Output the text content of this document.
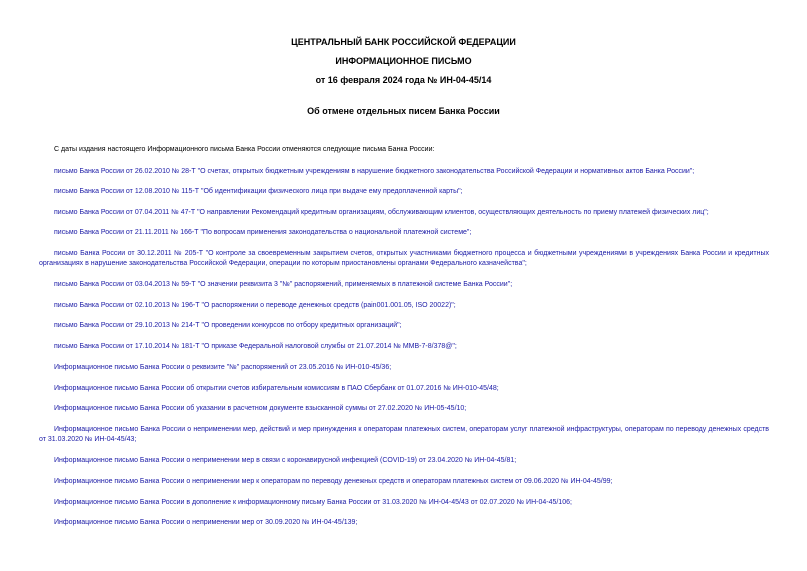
ЦЕНТРАЛЬНЫЙ БАНК РОССИЙСКОЙ ФЕДЕРАЦИИ
ИНФОРМАЦИОННОЕ ПИСЬМО
от 16 февраля 2024 года № ИН-04-45/14
Об отмене отдельных писем Банка России
С даты издания настоящего Информационного письма Банка России отменяются следующие письма Банка России:
письмо Банка России от 26.02.2010 № 28-Т "О счетах, открытых бюджетным учреждениям в нарушение бюджетного законодательства Российской Федерации и нормативных актов Банка России";
письмо Банка России от 12.08.2010 № 115-Т "Об идентификации физического лица при выдаче ему предоплаченной карты";
письмо Банка России от 07.04.2011 № 47-Т "О направлении Рекомендаций кредитным организациям, обслуживающим клиентов, осуществляющих деятельность по приему платежей физических лиц";
письмо Банка России от 21.11.2011 № 166-Т "По вопросам применения законодательства о национальной платежной системе";
письмо Банка России от 30.12.2011 № 205-Т "О контроле за своевременным закрытием счетов, открытых участниками бюджетного процесса и бюджетными учреждениями в учреждениях Банка России и кредитных организациях в нарушение законодательства Российской Федерации, операции по которым приостановлены органами Федерального казначейства";
письмо Банка России от 03.04.2013 № 59-Т "О значении реквизита 3 "№" распоряжений, применяемых в платежной системе Банка России";
письмо Банка России от 02.10.2013 № 196-Т "О распоряжении о переводе денежных средств (pain001.001.05, ISO 20022)";
письмо Банка России от 29.10.2013 № 214-Т "О проведении конкурсов по отбору кредитных организаций";
письмо Банка России от 17.10.2014 № 181-Т "О приказе Федеральной налоговой службы от 21.07.2014 № ММВ-7-8/378@";
Информационное письмо Банка России о реквизите "№" распоряжений от 23.05.2016 № ИН-010-45/36;
Информационное письмо Банка России об открытии счетов избирательным комиссиям в ПАО Сбербанк от 01.07.2016 № ИН-010-45/48;
Информационное письмо Банка России об указании в расчетном документе взысканной суммы от 27.02.2020 № ИН-05-45/10;
Информационное письмо Банка России о неприменении мер, действий и мер принуждения к операторам платежных систем, операторам услуг платежной инфраструктуры, операторам по переводу денежных средств от 31.03.2020 № ИН-04-45/43;
Информационное письмо Банка России о неприменении мер в связи с коронавирусной инфекцией (COVID-19) от 23.04.2020 № ИН-04-45/81;
Информационное письмо Банка России о неприменении мер к операторам по переводу денежных средств и операторам платежных систем от 09.06.2020 № ИН-04-45/99;
Информационное письмо Банка России в дополнение к информационному письму Банка России от 31.03.2020 № ИН-04-45/43 от 02.07.2020 № ИН-04-45/106;
Информационное письмо Банка России о неприменении мер от 30.09.2020 № ИН-04-45/139;
